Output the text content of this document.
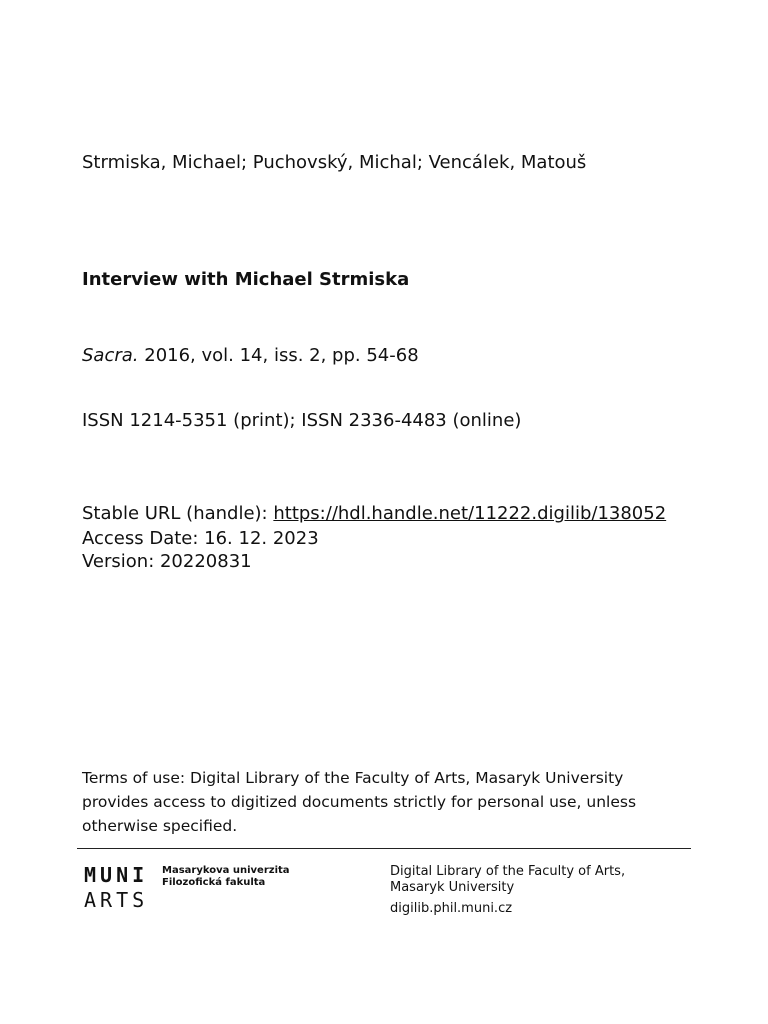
Strmiska, Michael; Puchovský, Michal; Vencálek, Matouš
Interview with Michael Strmiska
Sacra. 2016, vol. 14, iss. 2, pp. 54-68
ISSN 1214-5351 (print); ISSN 2336-4483 (online)
Stable URL (handle): https://hdl.handle.net/11222.digilib/138052
Access Date: 16. 12. 2023
Version: 20220831
Terms of use: Digital Library of the Faculty of Arts, Masaryk University provides access to digitized documents strictly for personal use, unless otherwise specified.
MUNI
ARTS
Masarykova univerzita
Filozofická fakulta
Digital Library of the Faculty of Arts,
Masaryk University
digilib.phil.muni.cz
